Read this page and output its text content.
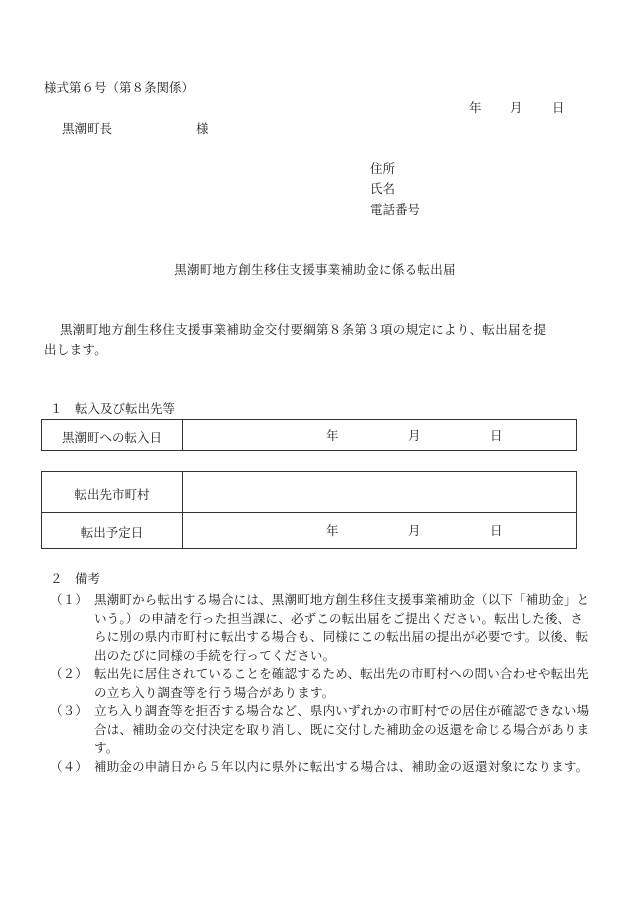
様式第６号（第８条関係）
年 月 日
黒潮町長	様
住所
氏名
電話番号
黒潮町地方創生移住支援事業補助金に係る転出届
黒潮町地方創生移住支援事業補助金交付要綱第８条第３項の規定により、転出届を提
出します。
１　転入及び転出先等
黒潮町への転入日	年	月	日
転出先市町村
転出予定日	年	月	日
２　備考
（１） 黒潮町から転出する場合には、黒潮町地方創生移住支援事業補助金（以下「補助金」という。）の申請を行った担当課に、必ずこの転出届をご提出ください。転出した後、さらに別の県内市町村に転出する場合も、同様にこの転出届の提出が必要です。以後、転出のたびに同様の手続を行ってください。
（２） 転出先に居住されていることを確認するため、転出先の市町村への問い合わせや転出先の立ち入り調査等を行う場合があります。
（３） 立ち入り調査等を拒否する場合など、県内いずれかの市町村での居住が確認できない場合は、補助金の交付決定を取り消し、既に交付した補助金の返還を命じる場合があります。
（４） 補助金の申請日から５年以内に県外に転出する場合は、補助金の返還対象になります。
